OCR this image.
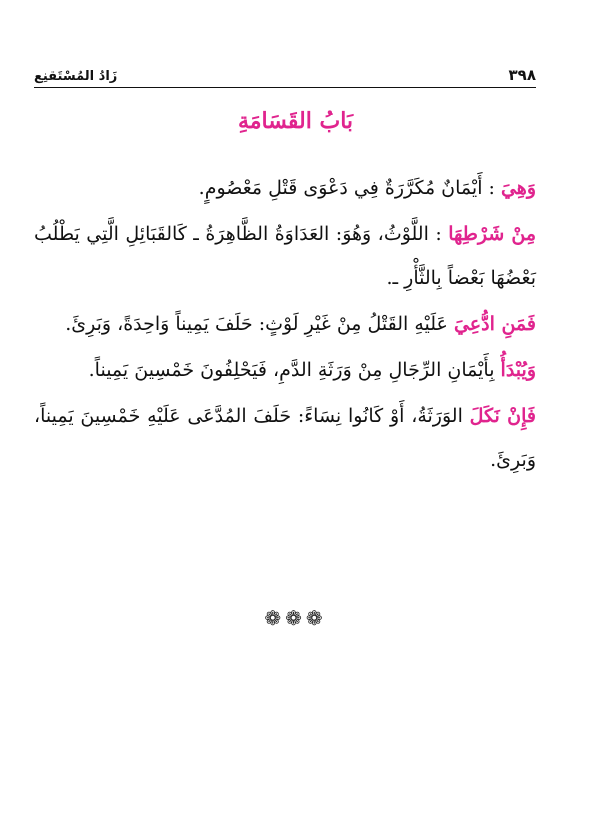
زَادُ المُسْتَقنِع	٣٩٨
بَابُ القَسَامَةِ

وَهِيَ : أَيْمَانٌ مُكَرَّرَةٌ فِي دَعْوَى قَتْلِ مَعْصُومٍ.

مِنْ شَرْطِهَا : اللَّوْثُ، وَهُوَ: العَدَاوَةُ الظَّاهِرَةُ ـ كَالقَبَائِلِ الَّتِي يَطْلُبُ بَعْضُهَا بَعْضاً بِالثَّأْرِ ـ.

فَمَنِ ادُّعِيَ عَلَيْهِ القَتْلُ مِنْ غَيْرِ لَوْثٍ: حَلَفَ يَمِيناً وَاحِدَةً، وَبَرِئَ.

وَيُبْدَأُ بِأَيْمَانِ الرِّجَالِ مِنْ وَرَثَةِ الدَّمِ، فَيَحْلِفُونَ خَمْسِينَ يَمِيناً.

فَإِنْ نَكَلَ الوَرَثَةُ، أَوْ كَانُوا نِسَاءً: حَلَفَ المُدَّعَى عَلَيْهِ خَمْسِينَ يَمِيناً، وَبَرِئَ.

❁❁❁
